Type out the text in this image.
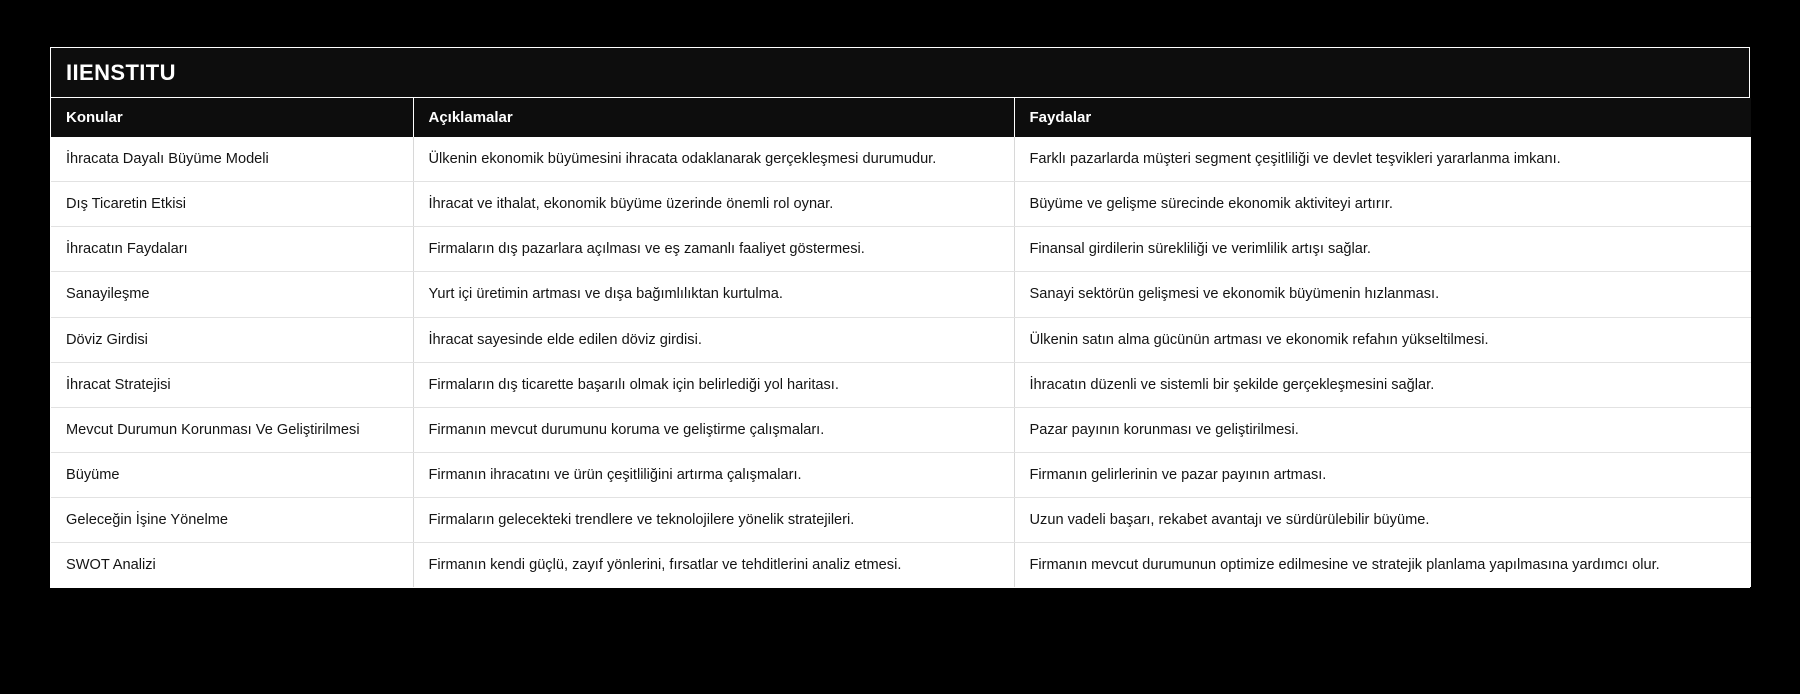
IIENSTITU
Konular	Açıklamalar	Faydalar
İhracata Dayalı Büyüme Modeli	Ülkenin ekonomik büyümesini ihracata odaklanarak gerçekleşmesi durumudur.	Farklı pazarlarda müşteri segment çeşitliliği ve devlet teşvikleri yararlanma imkanı.
Dış Ticaretin Etkisi	İhracat ve ithalat, ekonomik büyüme üzerinde önemli rol oynar.	Büyüme ve gelişme sürecinde ekonomik aktiviteyi artırır.
İhracatın Faydaları	Firmaların dış pazarlara açılması ve eş zamanlı faaliyet göstermesi.	Finansal girdilerin sürekliliği ve verimlilik artışı sağlar.
Sanayileşme	Yurt içi üretimin artması ve dışa bağımlılıktan kurtulma.	Sanayi sektörün gelişmesi ve ekonomik büyümenin hızlanması.
Döviz Girdisi	İhracat sayesinde elde edilen döviz girdisi.	Ülkenin satın alma gücünün artması ve ekonomik refahın yükseltilmesi.
İhracat Stratejisi	Firmaların dış ticarette başarılı olmak için belirlediği yol haritası.	İhracatın düzenli ve sistemli bir şekilde gerçekleşmesini sağlar.
Mevcut Durumun Korunması Ve Geliştirilmesi	Firmanın mevcut durumunu koruma ve geliştirme çalışmaları.	Pazar payının korunması ve geliştirilmesi.
Büyüme	Firmanın ihracatını ve ürün çeşitliliğini artırma çalışmaları.	Firmanın gelirlerinin ve pazar payının artması.
Geleceğin İşine Yönelme	Firmaların gelecekteki trendlere ve teknolojilere yönelik stratejileri.	Uzun vadeli başarı, rekabet avantajı ve sürdürülebilir büyüme.
SWOT Analizi	Firmanın kendi güçlü, zayıf yönlerini, fırsatlar ve tehditlerini analiz etmesi.	Firmanın mevcut durumunun optimize edilmesine ve stratejik planlama yapılmasına yardımcı olur.
